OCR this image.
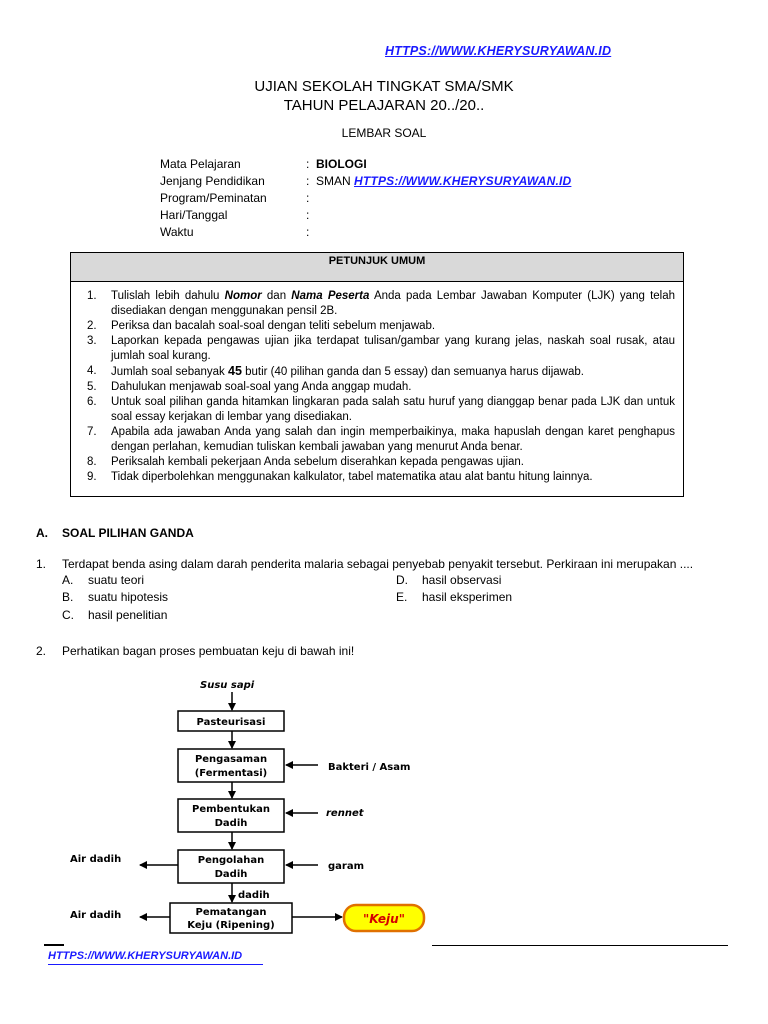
HTTPS://WWW.KHERYSURYAWAN.ID
UJIAN SEKOLAH TINGKAT SMA/SMK
TAHUN PELAJARAN 20../20..
LEMBAR SOAL
Mata Pelajaran	: BIOLOGI
Jenjang Pendidikan	: SMAN
HTTPS://WWW.KHERYSURYAWAN.ID
Program/Peminatan	:
Hari/Tanggal	:
Waktu	:
PETUNJUK UMUM
1.	Tulislah lebih dahulu Nomor dan Nama Peserta Anda pada Lembar Jawaban Komputer (LJK) yang telah disediakan dengan menggunakan pensil 2B.
2.	Periksa dan bacalah soal-soal dengan teliti sebelum menjawab.
3.	Laporkan kepada pengawas ujian jika terdapat tulisan/gambar yang kurang jelas, naskah soal rusak, atau jumlah soal kurang.
4.	Jumlah soal sebanyak 45 butir (40 pilihan ganda dan 5 essay) dan semuanya harus dijawab.
5.	Dahulukan menjawab soal-soal yang Anda anggap mudah.
6.	Untuk soal pilihan ganda hitamkan lingkaran pada salah satu huruf yang dianggap benar pada LJK dan untuk soal essay kerjakan di lembar yang disediakan.
7.	Apabila ada jawaban Anda yang salah dan ingin memperbaikinya, maka hapuslah dengan karet penghapus dengan perlahan, kemudian tuliskan kembali jawaban yang menurut Anda benar.
8.	Periksalah kembali pekerjaan Anda sebelum diserahkan kepada pengawas ujian.
9.	Tidak diperbolehkan menggunakan kalkulator, tabel matematika atau alat bantu hitung lainnya.
A. SOAL PILIHAN GANDA
1. Terdapat benda asing dalam darah penderita malaria sebagai penyebab penyakit tersebut. Perkiraan ini merupakan ....
A. suatu teori
B. suatu hipotesis
C. hasil penelitian
D. hasil observasi
E. hasil eksperimen
2. Perhatikan bagan proses pembuatan keju di bawah ini!
Susu sapi
Pasteurisasi
Pengasaman
(Fermentasi)
Bakteri / Asam
Pembentukan
Dadih
rennet
Pengolahan
Dadih
garam
Air dadih
dadih
Pematangan
Keju (Ripening)
Air dadih	"Keju"
HTTPS://WWW.KHERYSURYAWAN.ID
